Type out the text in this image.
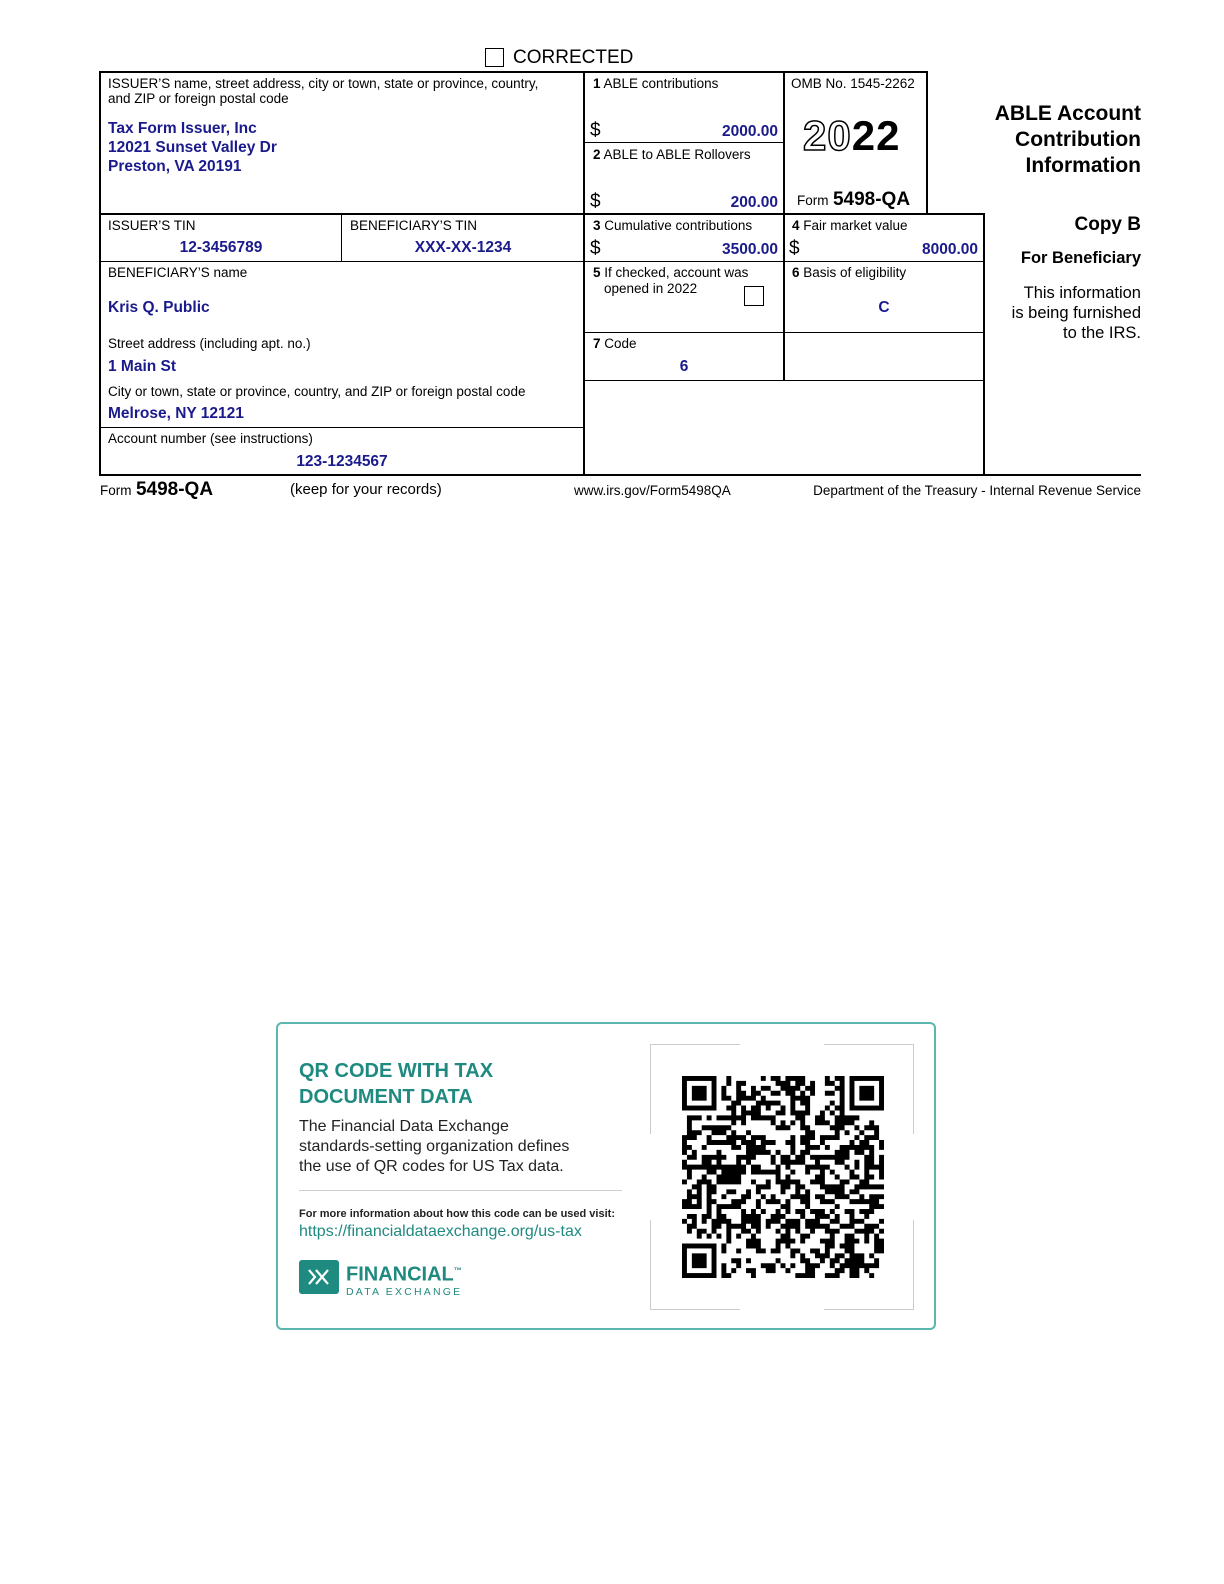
CORRECTED
ISSUER’S name, street address, city or town, state or province, country,
and ZIP or foreign postal code
Tax Form Issuer, Inc
12021 Sunset Valley Dr
Preston, VA 20191
1 ABLE contributions
$	2000.00
2 ABLE to ABLE Rollovers
$	200.00
OMB No. 1545-2262
2022
Form 5498-QA
ABLE Account
Contribution
Information
ISSUER’S TIN
12-3456789
BENEFICIARY’S TIN
XXX-XX-1234
3 Cumulative contributions
$	3500.00
4 Fair market value
$	8000.00
Copy B
For Beneficiary
This information
is being furnished
to the IRS.
BENEFICIARY’S name
Kris Q. Public
5 If checked, account was
opened in 2022
6 Basis of eligibility
C
Street address (including apt. no.)
1 Main St
7 Code
6
City or town, state or province, country, and ZIP or foreign postal code
Melrose, NY 12121
Account number (see instructions)
123-1234567
Form 5498-QA	(keep for your records)	www.irs.gov/Form5498QA	Department of the Treasury - Internal Revenue Service
QR CODE WITH TAX
DOCUMENT DATA
The Financial Data Exchange
standards-setting organization defines
the use of QR codes for US Tax data.
For more information about how this code can be used visit:
https://financialdataexchange.org/us-tax
FINANCIAL™
DATA EXCHANGE
